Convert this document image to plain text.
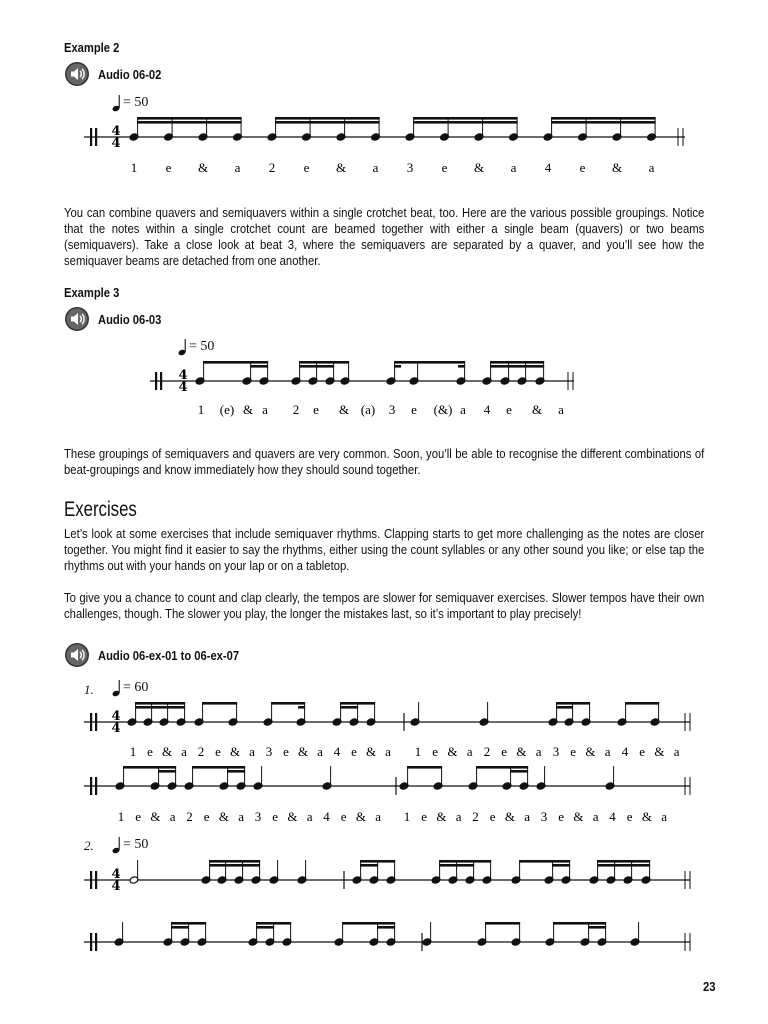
Example 2
Audio 06-02
= 50

You can combine quavers and semiquavers within a single crotchet beat, too. Here are the various possible groupings. Notice that the notes within a single crotchet count are beamed together with either a single beam (quavers) or two beams (semiquavers). Take a close look at beat 3, where the semiquavers are separated by a quaver, and you’ll see how the semiquaver beams are detached from one another.

Example 3
Audio 06-03
= 50

These groupings of semiquavers and quavers are very common. Soon, you’ll be able to recognise the different combinations of beat-groupings and know immediately how they should sound together.

Exercises

Let’s look at some exercises that include semiquaver rhythms. Clapping starts to get more challenging as the notes are closer together. You might find it easier to say the rhythms, either using the count syllables or any other sound you like; or else tap the rhythms out with your hands on your lap or on a tabletop.

To give you a chance to count and clap clearly, the tempos are slower for semiquaver exercises. Slower tempos have their own challenges, though. The slower you play, the longer the mistakes last, so it’s important to play precisely!

Audio 06-ex-01 to 06-ex-07
1. = 60
2. = 50
4
4
1 e & a 2 e & a 3 e & a 4 e & a
4
4
1 (e) & a 2 e & (a) 3 e (&) a 4 e & a
4
4
1 e & a 2 e & a 3 e & a 4 e & a 1 e & a 2 e & a 3 e & a 4 e & a
1 e & a 2 e & a 3 e & a 4 e & a 1 e & a 2 e & a 3 e & a 4 e & a
4
4
23
